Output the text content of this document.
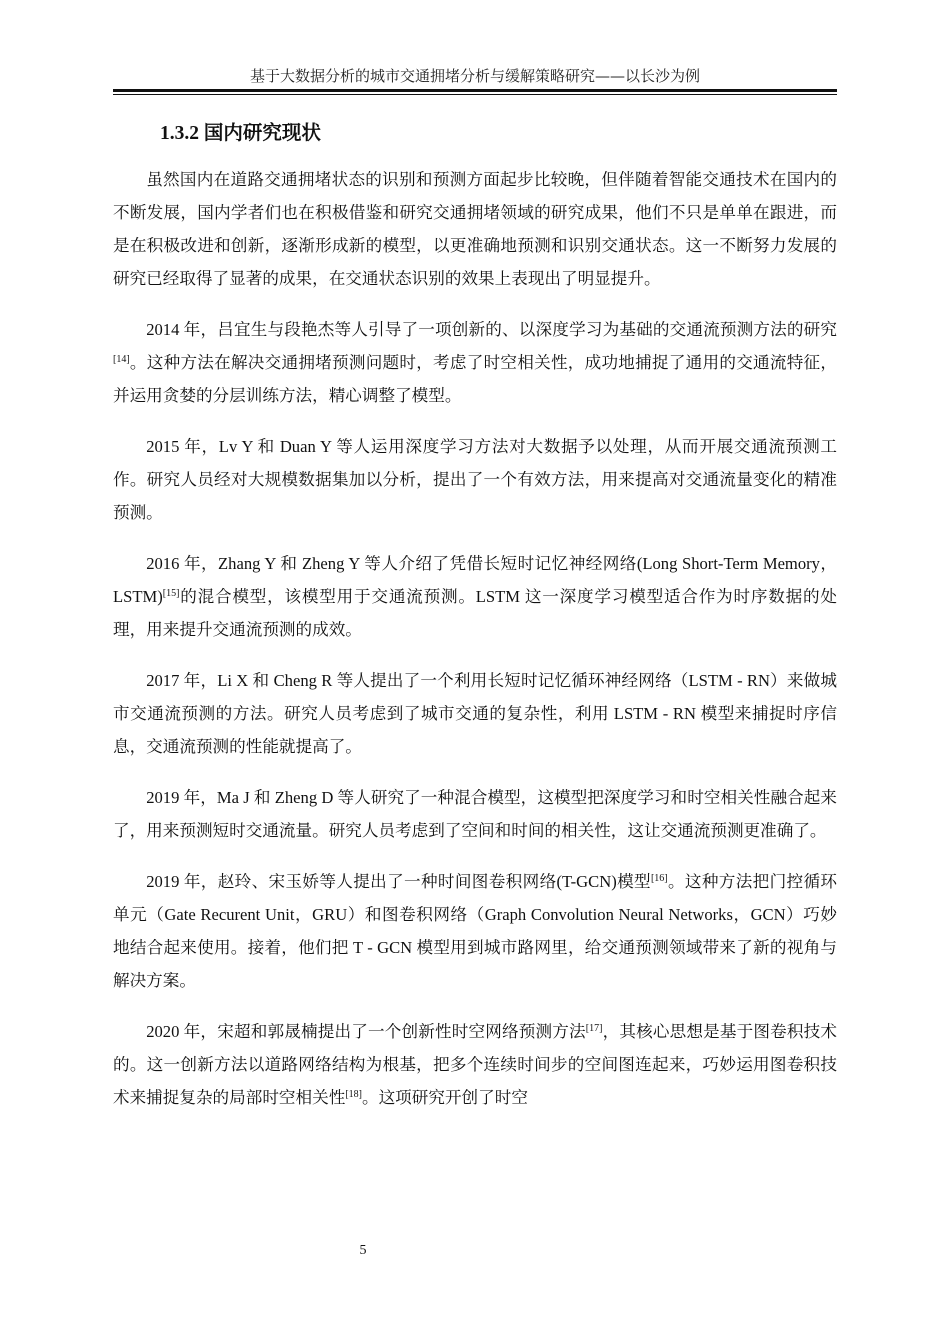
基于大数据分析的城市交通拥堵分析与缓解策略研究——以长沙为例
1.3.2 国内研究现状

虽然国内在道路交通拥堵状态的识别和预测方面起步比较晚，但伴随着智能交通技术在国内的不断发展，国内学者们也在积极借鉴和研究交通拥堵领域的研究成果，他们不只是单单在跟进，而是在积极改进和创新，逐渐形成新的模型，以更准确地预测和识别交通状态。这一不断努力发展的研究已经取得了显著的成果，在交通状态识别的效果上表现出了明显提升。

2014 年，吕宜生与段艳杰等人引导了一项创新的、以深度学习为基础的交通流预测方法的研究[14]。这种方法在解决交通拥堵预测问题时，考虑了时空相关性，成功地捕捉了通用的交通流特征，并运用贪婪的分层训练方法，精心调整了模型。

2015 年，Lv Y 和 Duan Y 等人运用深度学习方法对大数据予以处理，从而开展交通流预测工作。研究人员经对大规模数据集加以分析，提出了一个有效方法，用来提高对交通流量变化的精准预测。

2016 年，Zhang Y 和 Zheng Y 等人介绍了凭借长短时记忆神经网络(Long Short-Term Memory，LSTM)[15]的混合模型，该模型用于交通流预测。LSTM 这一深度学习模型适合作为时序数据的处理，用来提升交通流预测的成效。

2017 年，Li X 和 Cheng R 等人提出了一个利用长短时记忆循环神经网络（LSTM - RN）来做城市交通流预测的方法。研究人员考虑到了城市交通的复杂性，利用 LSTM - RN 模型来捕捉时序信息，交通流预测的性能就提高了。

2019 年，Ma J 和 Zheng D 等人研究了一种混合模型，这模型把深度学习和时空相关性融合起来了，用来预测短时交通流量。研究人员考虑到了空间和时间的相关性，这让交通流预测更准确了。

2019 年，赵玲、宋玉娇等人提出了一种时间图卷积网络(T-GCN)模型[16]。这种方法把门控循环单元（Gate Recurent Unit，GRU）和图卷积网络（Graph Convolution Neural Networks，GCN）巧妙地结合起来使用。接着，他们把 T - GCN 模型用到城市路网里，给交通预测领域带来了新的视角与解决方案。

2020 年，宋超和郭晟楠提出了一个创新性时空网络预测方法[17]，其核心思想是基于图卷积技术的。这一创新方法以道路网络结构为根基，把多个连续时间步的空间图连起来，巧妙运用图卷积技术来捕捉复杂的局部时空相关性[18]。这项研究开创了时空

5
